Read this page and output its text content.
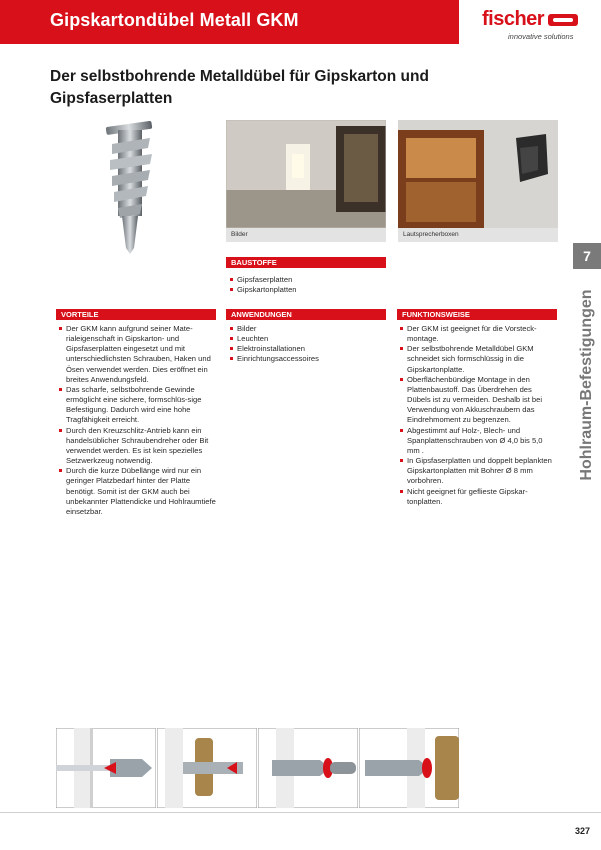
Gipskartondübel Metall GKM	fischer
innovative solutions
Der selbstbohrende Metalldübel für Gipskarton und Gipsfaserplatten
Bilder	Lautsprecherboxen
BAUSTOFFE
Gipsfaserplatten
Gipskartonplatten
VORTEILE
Der GKM kann aufgrund seiner Mate-rialeigenschaft in Gipskarton- und Gipsfaserplatten eingesetzt und mit unterschiedlichsten Schrauben, Haken und Ösen verwendet werden. Dies eröffnet ein breites Anwendungsfeld.
Das scharfe, selbstbohrende Gewinde ermöglicht eine sichere, formschlüs-sige Befestigung. Dadurch wird eine hohe Tragfähigkeit erreicht.
Durch den Kreuzschlitz-Antrieb kann ein handelsüblicher Schraubendreher oder Bit verwendet werden. Es ist kein spezielles Setzwerkzeug notwendig.
Durch die kurze Dübellänge wird nur ein geringer Platzbedarf hinter der Platte benötigt. Somit ist der GKM auch bei unbekannter Plattendicke und Hohlraumtiefe einsetzbar.
ANWENDUNGEN
Bilder
Leuchten
Elektroinstallationen
Einrichtungsaccessoires
FUNKTIONSWEISE
Der GKM ist geeignet für die Vorsteck-montage.
Der selbstbohrende Metalldübel GKM schneidet sich formschlüssig in die Gipskartonplatte.
Oberflächenbündige Montage in den Plattenbaustoff. Das Überdrehen des Dübels ist zu vermeiden. Deshalb ist bei Verwendung von Akkuschraubern das Eindrehmoment zu begrenzen.
Abgestimmt auf Holz-, Blech- und Spanplattenschrauben von Ø 4,0 bis 5,0 mm .
In Gipsfaserplatten und doppelt beplankten Gipskartonplatten mit Bohrer Ø 8 mm vorbohren.
Nicht geeignet für geflieste Gipskar-tonplatten.
7
Hohlraum-Befestigungen
327
